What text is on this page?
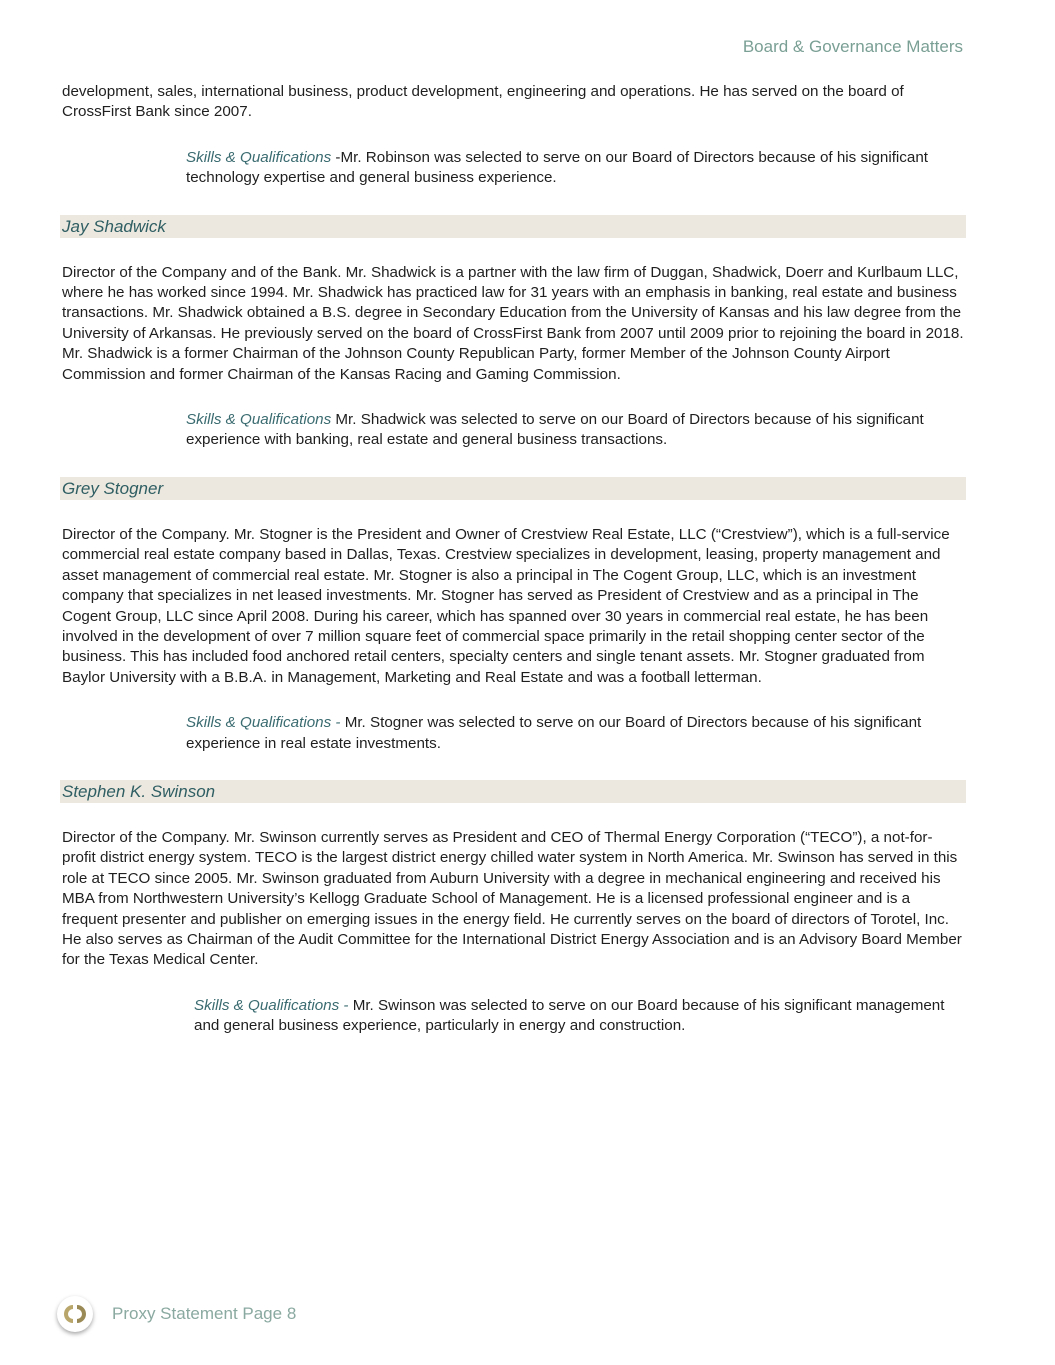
Board & Governance Matters

development, sales, international business, product development, engineering and operations. He has served on the board of CrossFirst Bank since 2007.

Skills & Qualifications -Mr. Robinson was selected to serve on our Board of Directors because of his significant technology expertise and general business experience.

Jay Shadwick

Director of the Company and of the Bank. Mr. Shadwick is a partner with the law firm of Duggan, Shadwick, Doerr and Kurlbaum LLC, where he has worked since 1994. Mr. Shadwick has practiced law for 31 years with an emphasis in banking, real estate and business transactions. Mr. Shadwick obtained a B.S. degree in Secondary Education from the University of Kansas and his law degree from the University of Arkansas. He previously served on the board of CrossFirst Bank from 2007 until 2009 prior to rejoining the board in 2018. Mr. Shadwick is a former Chairman of the Johnson County Republican Party, former Member of the Johnson County Airport Commission and former Chairman of the Kansas Racing and Gaming Commission.

Skills & Qualifications Mr. Shadwick was selected to serve on our Board of Directors because of his significant experience with banking, real estate and general business transactions.

Grey Stogner

Director of the Company. Mr. Stogner is the President and Owner of Crestview Real Estate, LLC (“Crestview”), which is a full-service commercial real estate company based in Dallas, Texas. Crestview specializes in development, leasing, property management and asset management of commercial real estate. Mr. Stogner is also a principal in The Cogent Group, LLC, which is an investment company that specializes in net leased investments. Mr. Stogner has served as President of Crestview and as a principal in The Cogent Group, LLC since April 2008. During his career, which has spanned over 30 years in commercial real estate, he has been involved in the development of over 7 million square feet of commercial space primarily in the retail shopping center sector of the business. This has included food anchored retail centers, specialty centers and single tenant assets. Mr. Stogner graduated from Baylor University with a B.B.A. in Management, Marketing and Real Estate and was a football letterman.

Skills & Qualifications - Mr. Stogner was selected to serve on our Board of Directors because of his significant experience in real estate investments.

Stephen K. Swinson

Director of the Company. Mr. Swinson currently serves as President and CEO of Thermal Energy Corporation (“TECO”), a not-for-profit district energy system. TECO is the largest district energy chilled water system in North America. Mr. Swinson has served in this role at TECO since 2005. Mr. Swinson graduated from Auburn University with a degree in mechanical engineering and received his MBA from Northwestern University’s Kellogg Graduate School of Management. He is a licensed professional engineer and is a frequent presenter and publisher on emerging issues in the energy field. He currently serves on the board of directors of Torotel, Inc. He also serves as Chairman of the Audit Committee for the International District Energy Association and is an Advisory Board Member for the Texas Medical Center.

Skills & Qualifications - Mr. Swinson was selected to serve on our Board because of his significant management and general business experience, particularly in energy and construction.

Proxy Statement Page 8
